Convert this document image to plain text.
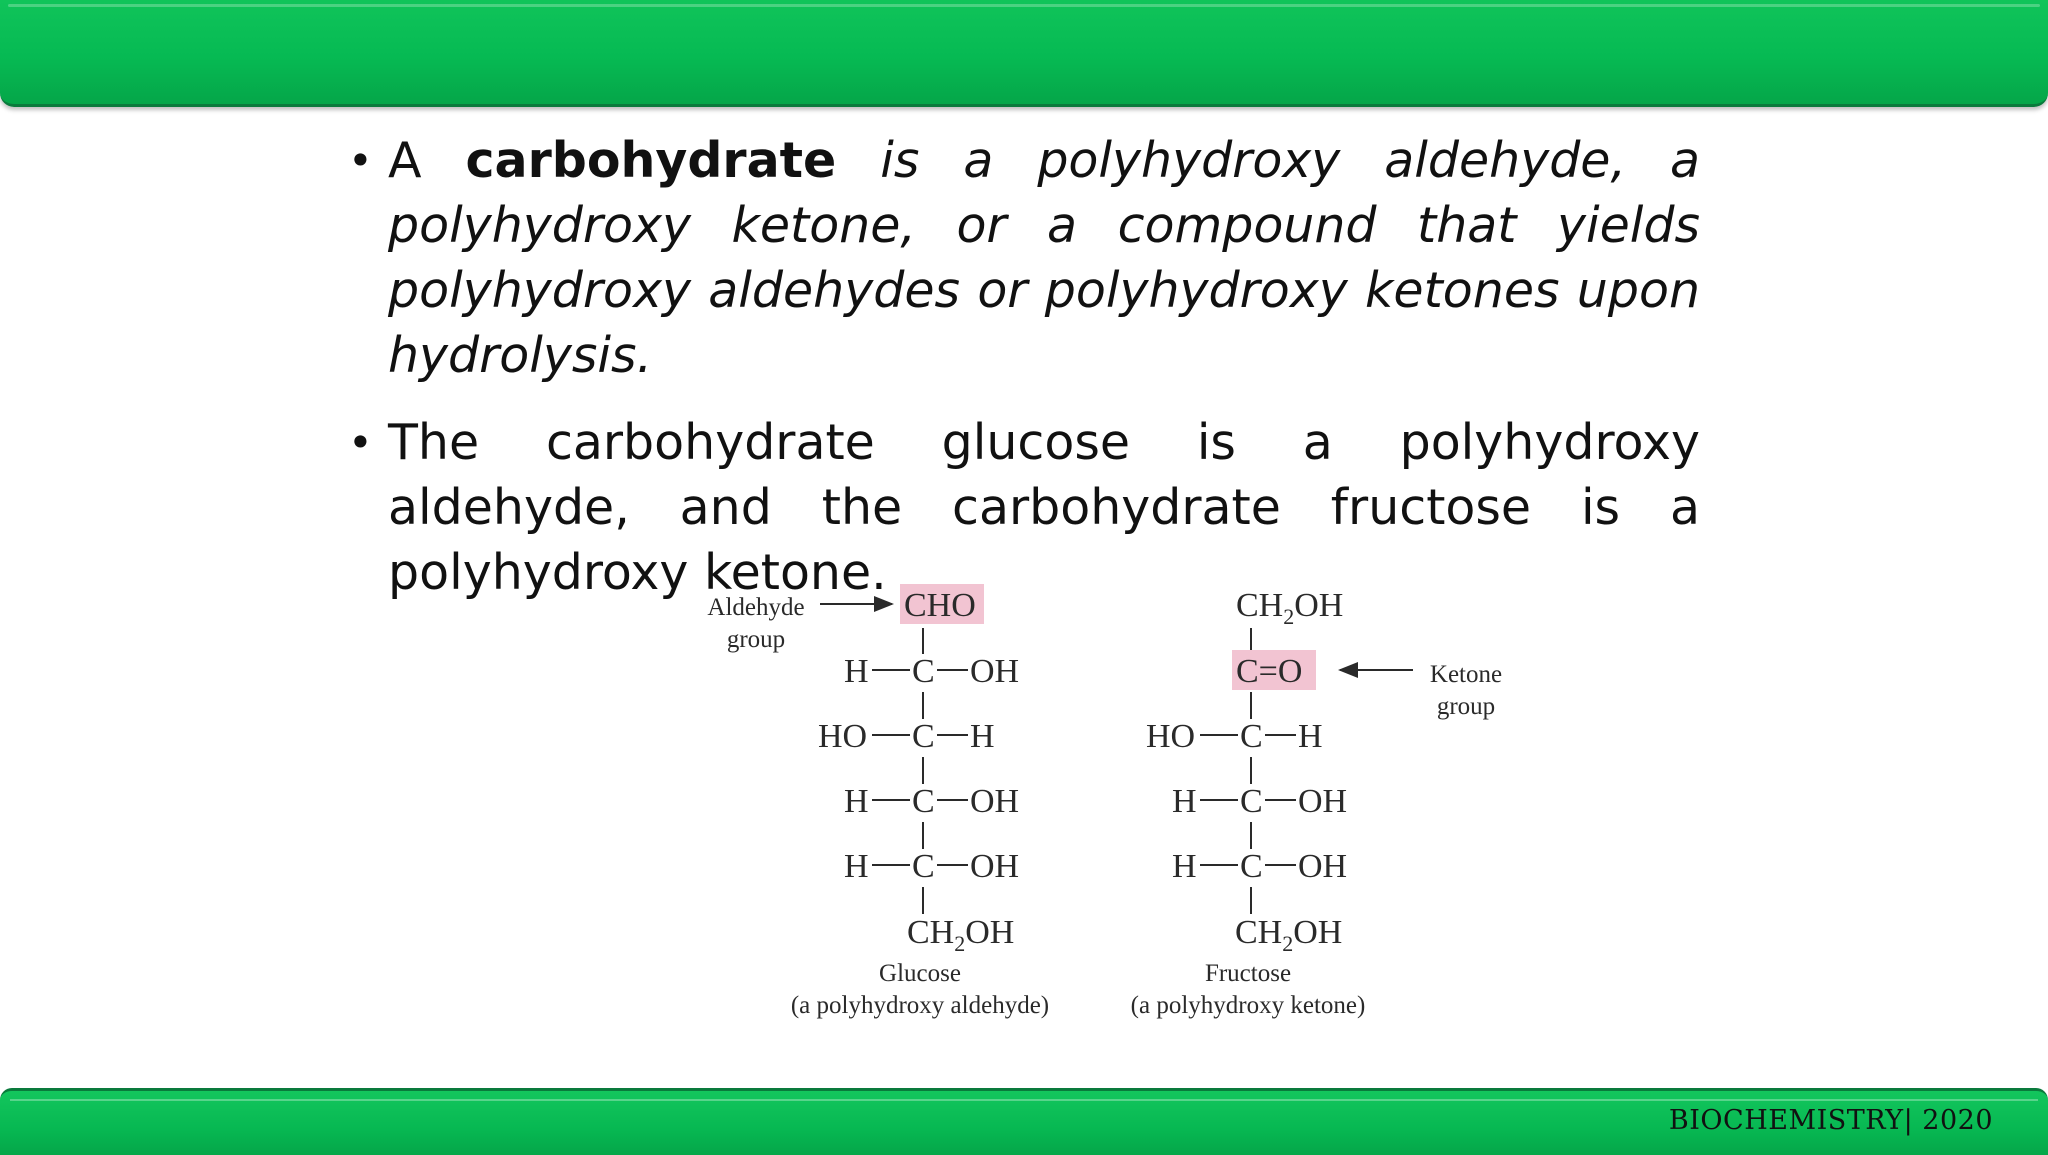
• A carbohydrate is a polyhydroxy aldehyde, a polyhydroxy ketone, or a compound that yields polyhydroxy aldehydes or polyhydroxy ketones upon hydrolysis.
• The carbohydrate glucose is a polyhydroxy aldehyde, and the carbohydrate fructose is a polyhydroxy ketone.
Aldehyde
group
CHO
H C OH
HO C H
H C OH
H C OH
$CH_2OH$
Glucose
(a polyhydroxy aldehyde)
$CH_2OH$
C=O	Ketone
group
HO C H
H C OH
H C OH
$CH_2OH$
Fructose
(a polyhydroxy ketone)
BIOCHEMISTRY| 2020
